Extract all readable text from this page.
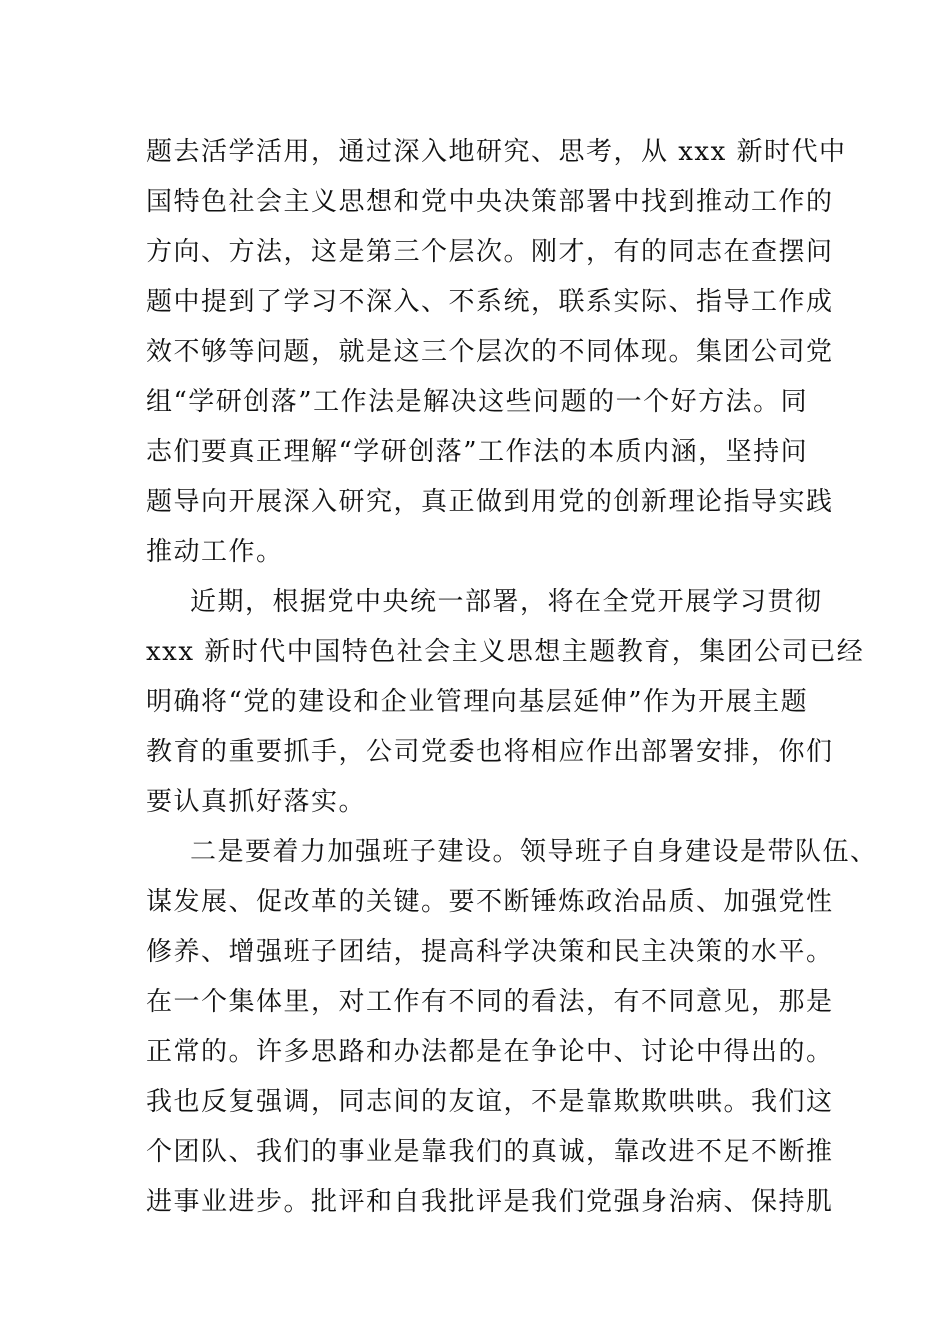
题去活学活用，通过深入地研究、思考，从 xxx 新时代中
国特色社会主义思想和党中央决策部署中找到推动工作的
方向、方法，这是第三个层次。刚才，有的同志在查摆问
题中提到了学习不深入、不系统，联系实际、指导工作成
效不够等问题，就是这三个层次的不同体现。集团公司党
组“学研创落”工作法是解决这些问题的一个好方法。同
志们要真正理解“学研创落”工作法的本质内涵，坚持问
题导向开展深入研究，真正做到用党的创新理论指导实践
推动工作。
近期，根据党中央统一部署，将在全党开展学习贯彻
xxx 新时代中国特色社会主义思想主题教育，集团公司已经
明确将“党的建设和企业管理向基层延伸”作为开展主题
教育的重要抓手，公司党委也将相应作出部署安排，你们
要认真抓好落实。
二是要着力加强班子建设。领导班子自身建设是带队伍、
谋发展、促改革的关键。要不断锤炼政治品质、加强党性
修养、增强班子团结，提高科学决策和民主决策的水平。
在一个集体里，对工作有不同的看法，有不同意见，那是
正常的。许多思路和办法都是在争论中、讨论中得出的。
我也反复强调，同志间的友谊，不是靠欺欺哄哄。我们这
个团队、我们的事业是靠我们的真诚，靠改进不足不断推
进事业进步。批评和自我批评是我们党强身治病、保持肌
